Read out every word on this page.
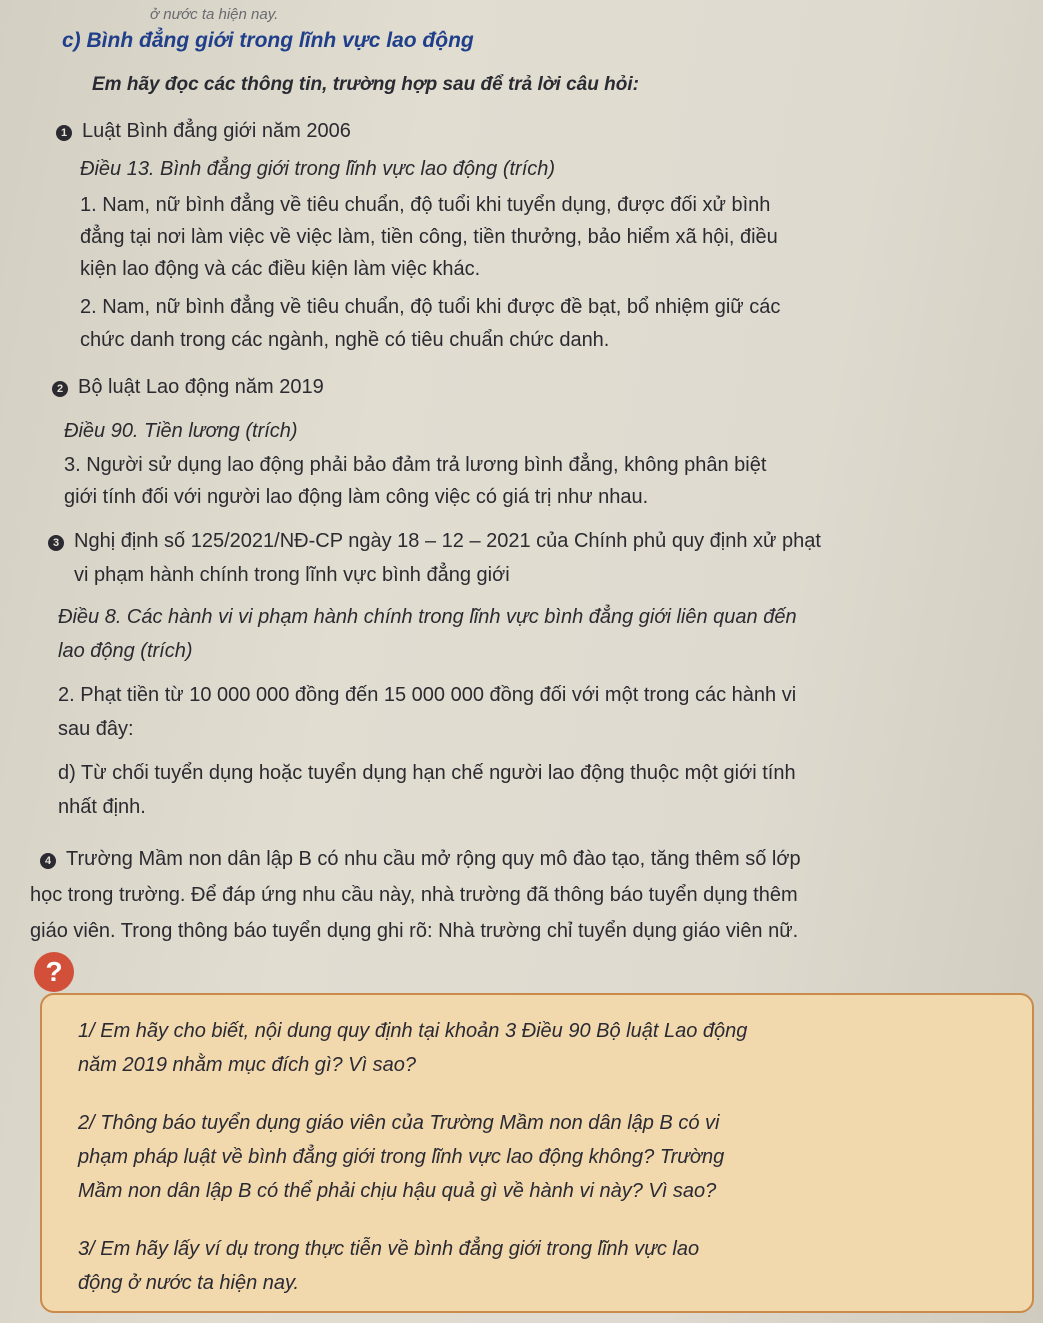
ở nước ta hiện nay.
c) Bình đẳng giới trong lĩnh vực lao động
Em hãy đọc các thông tin, trường hợp sau để trả lời câu hỏi:
1 Luật Bình đẳng giới năm 2006
Điều 13. Bình đẳng giới trong lĩnh vực lao động (trích)
1. Nam, nữ bình đẳng về tiêu chuẩn, độ tuổi khi tuyển dụng, được đối xử bình
đẳng tại nơi làm việc về việc làm, tiền công, tiền thưởng, bảo hiểm xã hội, điều
kiện lao động và các điều kiện làm việc khác.
2. Nam, nữ bình đẳng về tiêu chuẩn, độ tuổi khi được đề bạt, bổ nhiệm giữ các
chức danh trong các ngành, nghề có tiêu chuẩn chức danh.
2 Bộ luật Lao động năm 2019
Điều 90. Tiền lương (trích)
3. Người sử dụng lao động phải bảo đảm trả lương bình đẳng, không phân biệt
giới tính đối với người lao động làm công việc có giá trị như nhau.
3 Nghị định số 125/2021/NĐ-CP ngày 18 – 12 – 2021 của Chính phủ quy định xử phạt
vi phạm hành chính trong lĩnh vực bình đẳng giới
Điều 8. Các hành vi vi phạm hành chính trong lĩnh vực bình đẳng giới liên quan đến
lao động (trích)
2. Phạt tiền từ 10 000 000 đồng đến 15 000 000 đồng đối với một trong các hành vi
sau đây:
d) Từ chối tuyển dụng hoặc tuyển dụng hạn chế người lao động thuộc một giới tính
nhất định.
4 Trường Mầm non dân lập B có nhu cầu mở rộng quy mô đào tạo, tăng thêm số lớp
học trong trường. Để đáp ứng nhu cầu này, nhà trường đã thông báo tuyển dụng thêm
giáo viên. Trong thông báo tuyển dụng ghi rõ: Nhà trường chỉ tuyển dụng giáo viên nữ.
?
1/ Em hãy cho biết, nội dung quy định tại khoản 3 Điều 90 Bộ luật Lao động
năm 2019 nhằm mục đích gì? Vì sao?
2/ Thông báo tuyển dụng giáo viên của Trường Mầm non dân lập B có vi
phạm pháp luật về bình đẳng giới trong lĩnh vực lao động không? Trường
Mầm non dân lập B có thể phải chịu hậu quả gì về hành vi này? Vì sao?
3/ Em hãy lấy ví dụ trong thực tiễn về bình đẳng giới trong lĩnh vực lao
động ở nước ta hiện nay.
